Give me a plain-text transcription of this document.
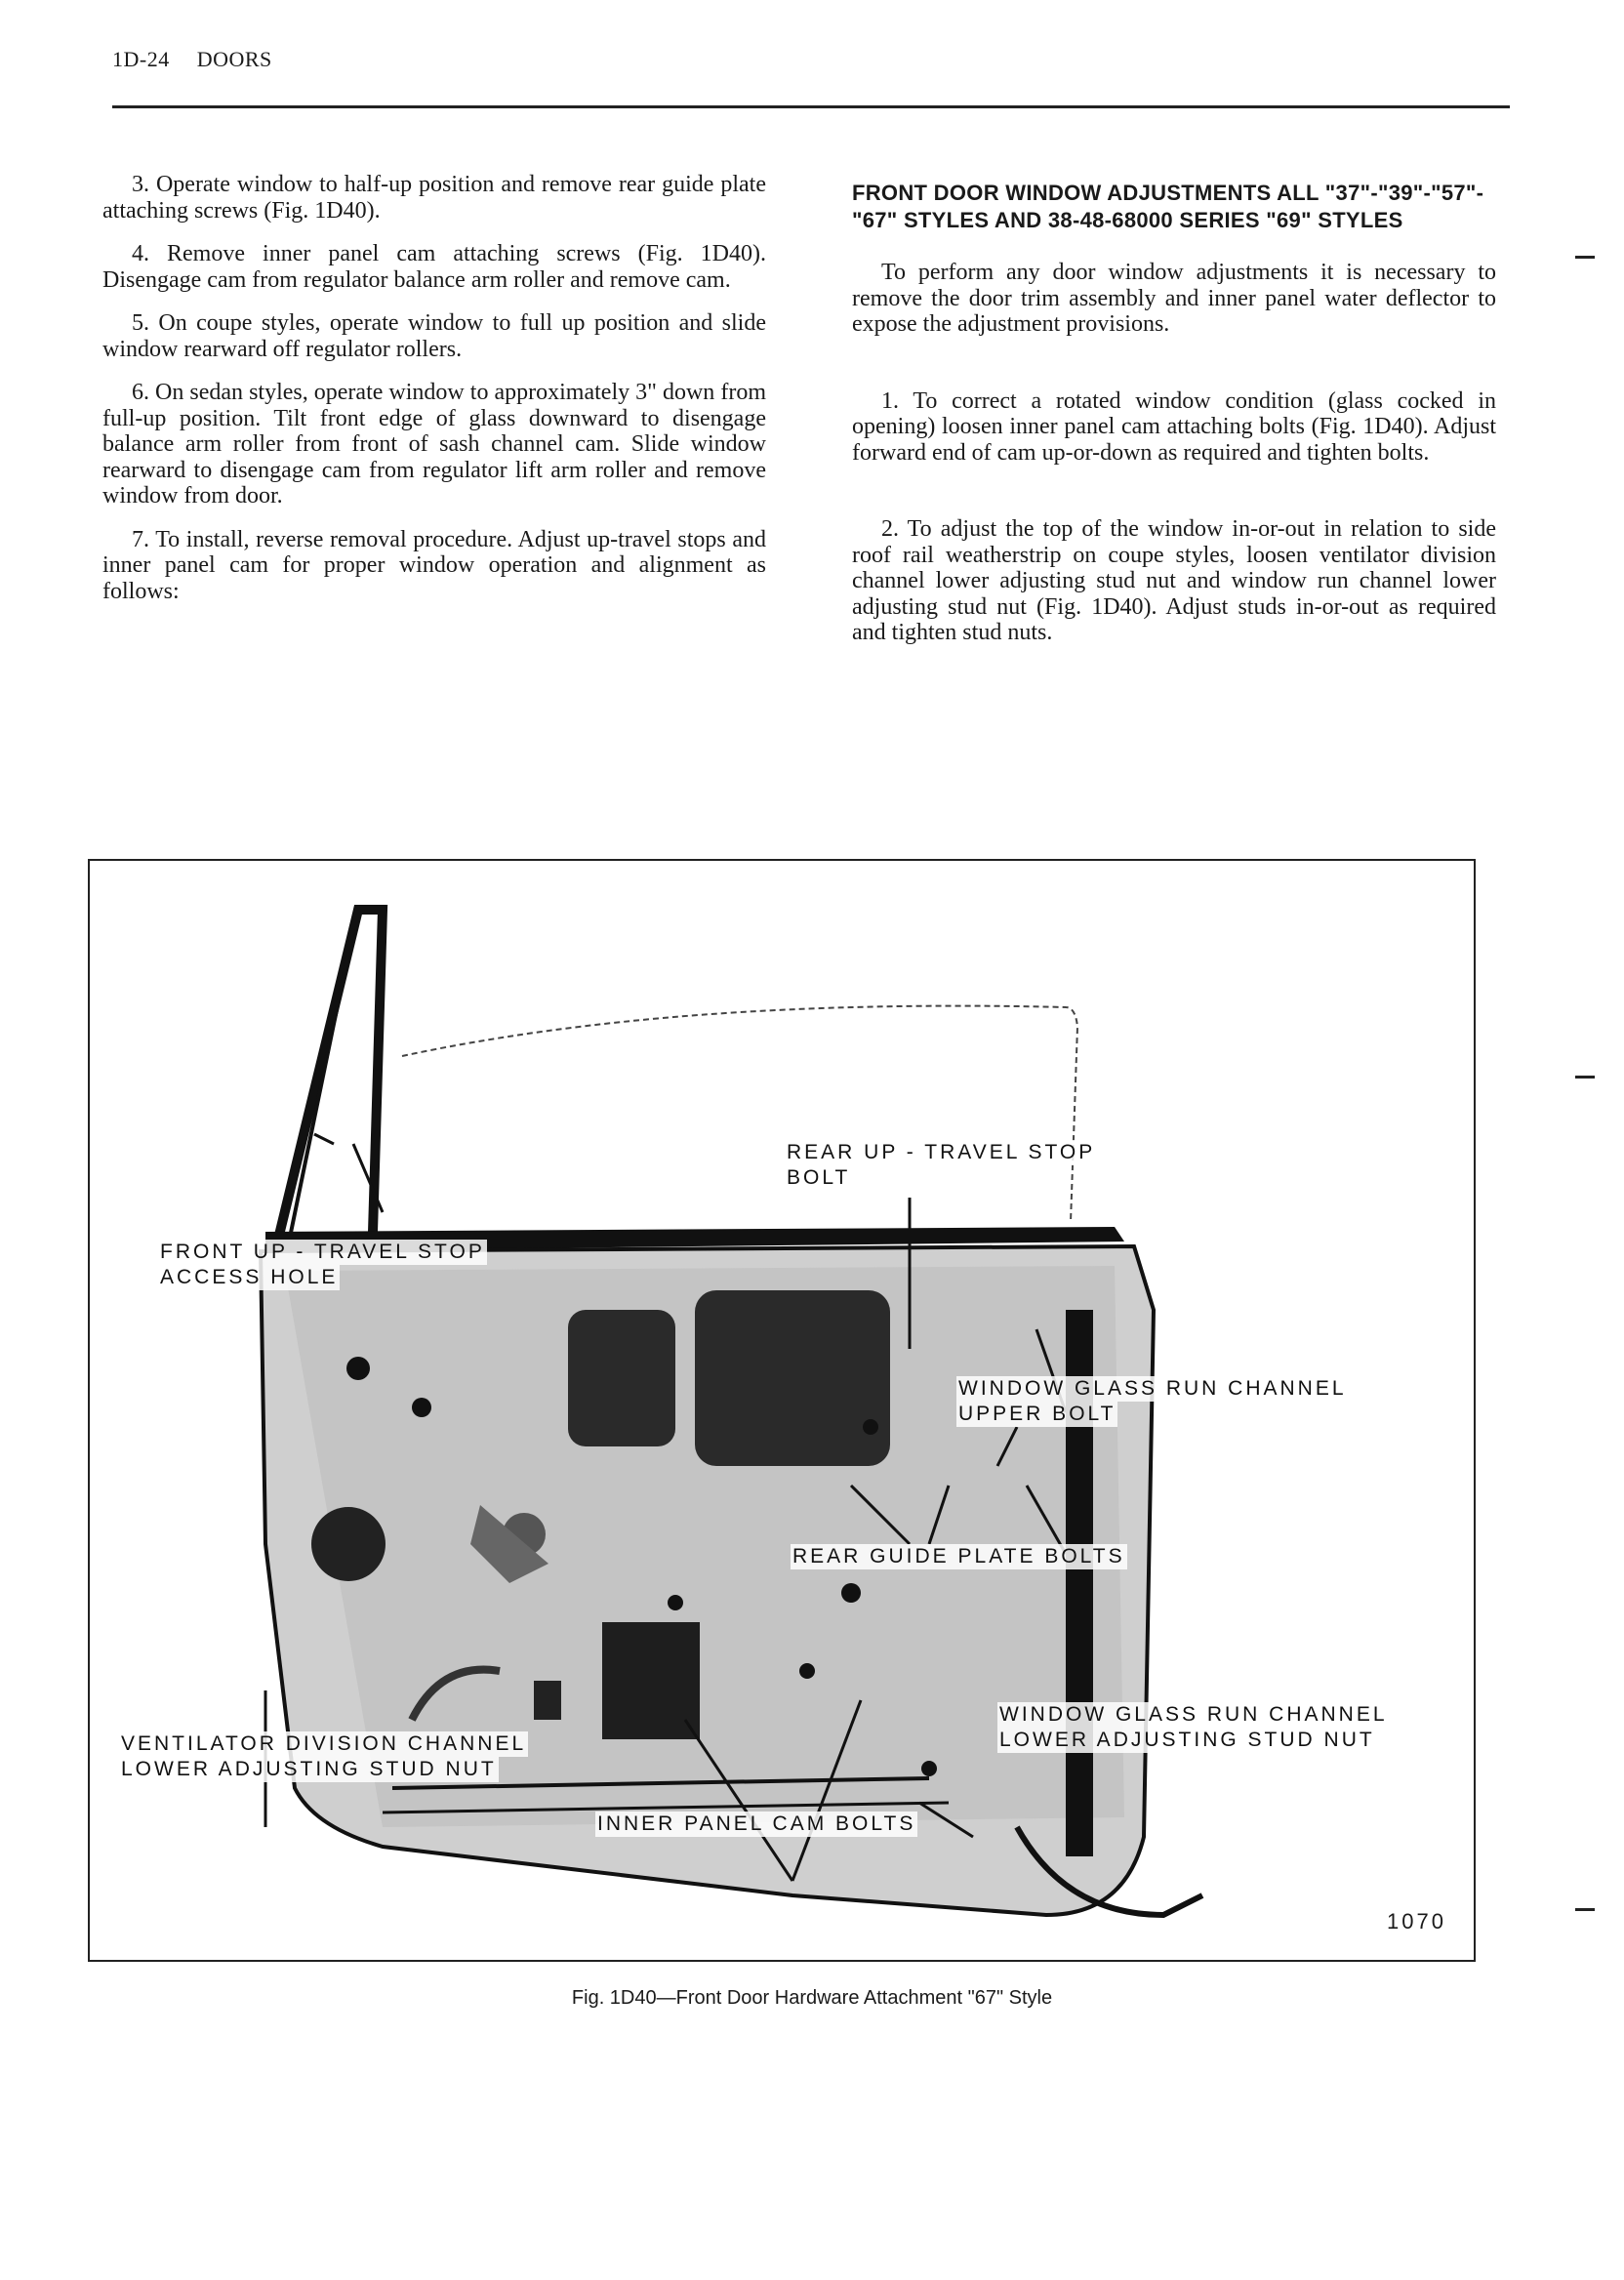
1D-24 DOORS

3. Operate window to half-up position and remove rear guide plate attaching screws (Fig. 1D40).

4. Remove inner panel cam attaching screws (Fig. 1D40). Disengage cam from regulator balance arm roller and remove cam.

5. On coupe styles, operate window to full up position and slide window rearward off regulator rollers.

6. On sedan styles, operate window to approximately 3" down from full-up position. Tilt front edge of glass downward to disengage balance arm roller from front of sash channel cam. Slide window rearward to disengage cam from regulator lift arm roller and remove window from door.

7. To install, reverse removal procedure. Adjust up-travel stops and inner panel cam for proper window operation and alignment as follows:

FRONT DOOR WINDOW ADJUSTMENTS ALL "37"-"39"-"57"-"67" STYLES AND 38-48-68000 SERIES "69" STYLES

To perform any door window adjustments it is necessary to remove the door trim assembly and inner panel water deflector to expose the adjustment provisions.

1. To correct a rotated window condition (glass cocked in opening) loosen inner panel cam attaching bolts (Fig. 1D40). Adjust forward end of cam up-or-down as required and tighten bolts.

2. To adjust the top of the window in-or-out in relation to side roof rail weatherstrip on coupe styles, loosen ventilator division channel lower adjusting stud nut and window run channel lower adjusting stud nut (Fig. 1D40). Adjust studs in-or-out as required and tighten stud nuts.

REAR UP - TRAVEL STOP
BOLT
FRONT UP - TRAVEL STOP
ACCESS HOLE
WINDOW GLASS RUN CHANNEL
UPPER BOLT
REAR GUIDE PLATE BOLTS
WINDOW GLASS RUN CHANNEL
LOWER ADJUSTING STUD NUT
VENTILATOR DIVISION CHANNEL
LOWER ADJUSTING STUD NUT
INNER PANEL CAM BOLTS
1070
Fig. 1D40—Front Door Hardware Attachment "67" Style
